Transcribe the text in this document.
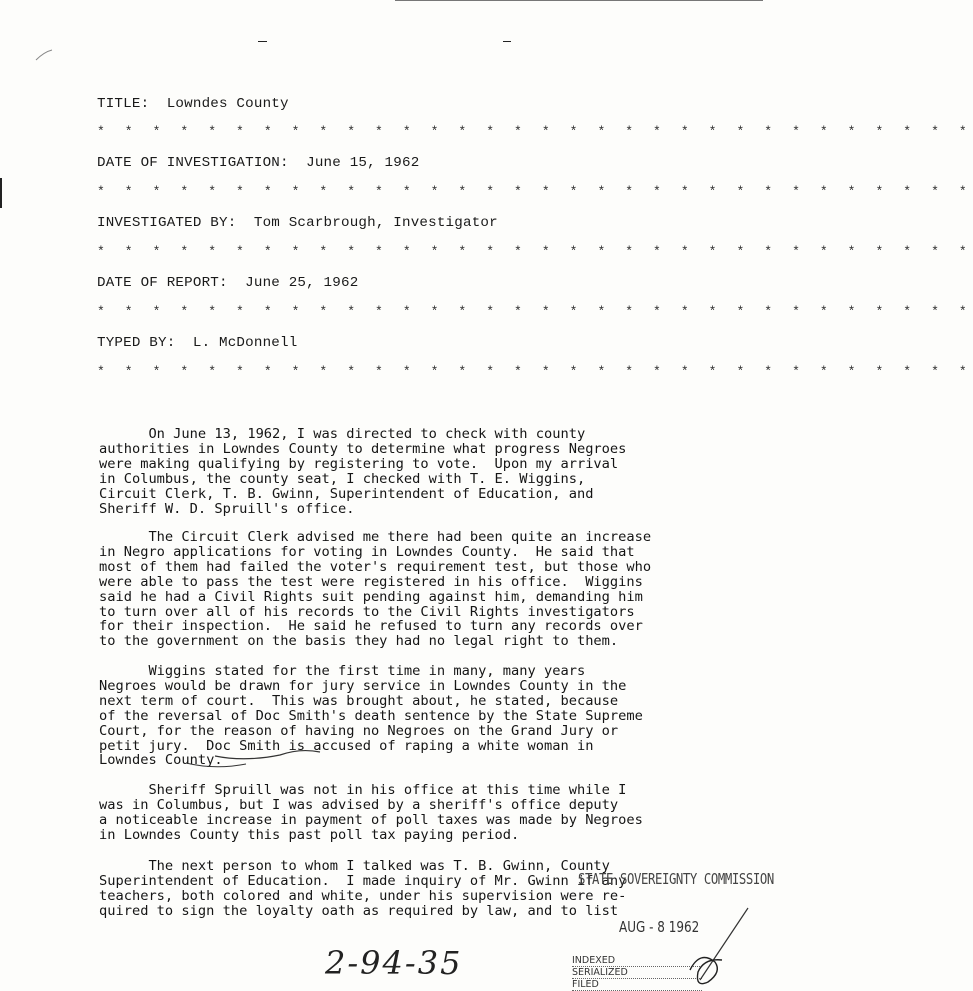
TITLE:  Lowndes County
* * * * * * * * * * * * * * * * * * * * * * * * * * * * * * * *
DATE OF INVESTIGATION:  June 15, 1962
* * * * * * * * * * * * * * * * * * * * * * * * * * * * * * * *
INVESTIGATED BY:  Tom Scarbrough, Investigator
* * * * * * * * * * * * * * * * * * * * * * * * * * * * * * * *
DATE OF REPORT:  June 25, 1962
* * * * * * * * * * * * * * * * * * * * * * * * * * * * * * * *
TYPED BY:  L. McDonnell
* * * * * * * * * * * * * * * * * * * * * * * * * * * * * * * *
On June 13, 1962, I was directed to check with county
authorities in Lowndes County to determine what progress Negroes
were making qualifying by registering to vote.  Upon my arrival
in Columbus, the county seat, I checked with T. E. Wiggins,
Circuit Clerk, T. B. Gwinn, Superintendent of Education, and
Sheriff W. D. Spruill's office.
The Circuit Clerk advised me there had been quite an increase
in Negro applications for voting in Lowndes County.  He said that
most of them had failed the voter's requirement test, but those who
were able to pass the test were registered in his office.  Wiggins
said he had a Civil Rights suit pending against him, demanding him
to turn over all of his records to the Civil Rights investigators
for their inspection.  He said he refused to turn any records over
to the government on the basis they had no legal right to them.
Wiggins stated for the first time in many, many years
Negroes would be drawn for jury service in Lowndes County in the
next term of court.  This was brought about, he stated, because
of the reversal of Doc Smith's death sentence by the State Supreme
Court, for the reason of having no Negroes on the Grand Jury or
petit jury.  Doc Smith is accused of raping a white woman in
Lowndes County.
Sheriff Spruill was not in his office at this time while I
was in Columbus, but I was advised by a sheriff's office deputy
a noticeable increase in payment of poll taxes was made by Negroes
in Lowndes County this past poll tax paying period.
The next person to whom I talked was T. B. Gwinn, County
Superintendent of Education.  I made inquiry of Mr. Gwinn if any
teachers, both colored and white, under his supervision were re-
quired to sign the loyalty oath as required by law, and to list
STATE SOVEREIGNTY COMMISSION
AUG - 8 1962
INDEXED
SERIALIZED
FILED
2-94-35
